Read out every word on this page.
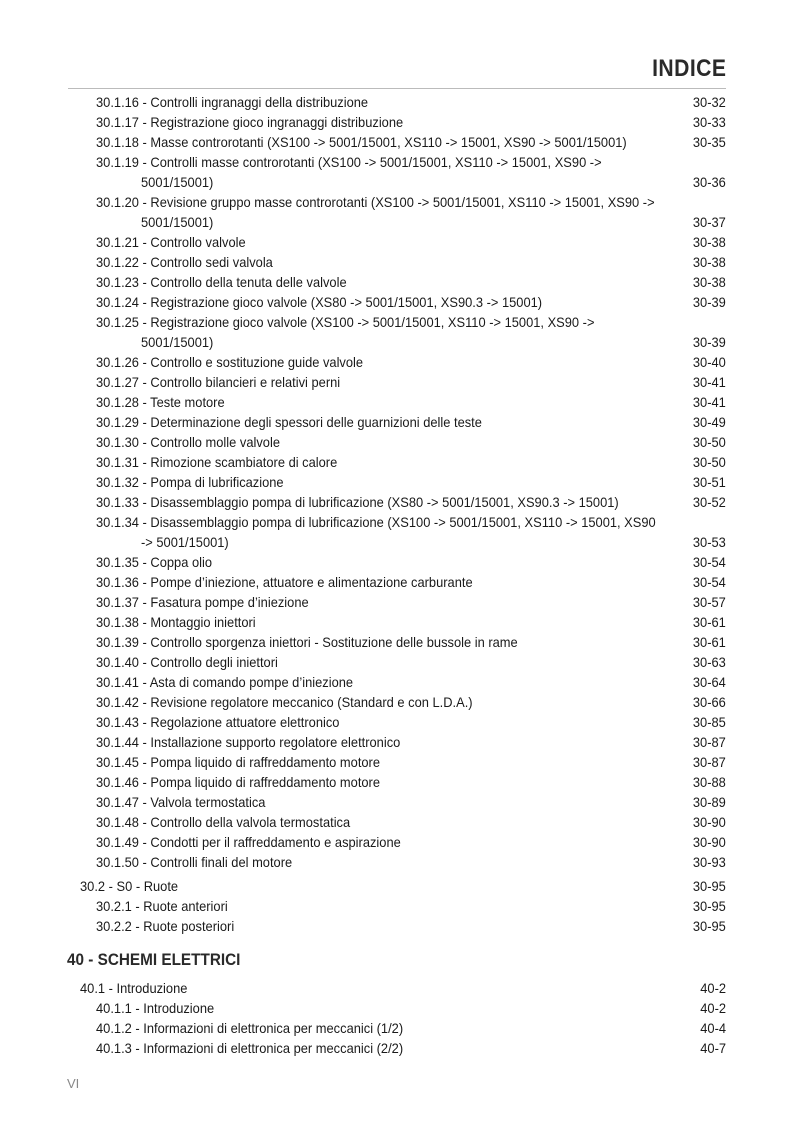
INDICE
30.1.16 - Controlli ingranaggi della distribuzione	30-32
30.1.17 - Registrazione gioco ingranaggi distribuzione	30-33
30.1.18 - Masse controrotanti (XS100 -> 5001/15001, XS110 -> 15001, XS90 -> 5001/15001)	30-35
30.1.19 - Controlli masse controrotanti (XS100 -> 5001/15001, XS110 -> 15001, XS90 ->
5001/15001)	30-36
30.1.20 - Revisione gruppo masse controrotanti (XS100 -> 5001/15001, XS110 -> 15001, XS90 ->
5001/15001)	30-37
30.1.21 - Controllo valvole	30-38
30.1.22 - Controllo sedi valvola	30-38
30.1.23 - Controllo della tenuta delle valvole	30-38
30.1.24 - Registrazione gioco valvole (XS80 -> 5001/15001, XS90.3 -> 15001)	30-39
30.1.25 - Registrazione gioco valvole (XS100 -> 5001/15001, XS110 -> 15001, XS90 ->
5001/15001)	30-39
30.1.26 - Controllo e sostituzione guide valvole	30-40
30.1.27 - Controllo bilancieri e relativi perni	30-41
30.1.28 - Teste motore	30-41
30.1.29 - Determinazione degli spessori delle guarnizioni delle teste	30-49
30.1.30 - Controllo molle valvole	30-50
30.1.31 - Rimozione scambiatore di calore	30-50
30.1.32 - Pompa di lubrificazione	30-51
30.1.33 - Disassemblaggio pompa di lubrificazione (XS80 -> 5001/15001, XS90.3 -> 15001)	30-52
30.1.34 - Disassemblaggio pompa di lubrificazione (XS100 -> 5001/15001, XS110 -> 15001, XS90
-> 5001/15001)	30-53
30.1.35 - Coppa olio	30-54
30.1.36 - Pompe d’iniezione, attuatore e alimentazione carburante	30-54
30.1.37 - Fasatura pompe d’iniezione	30-57
30.1.38 - Montaggio iniettori	30-61
30.1.39 - Controllo sporgenza iniettori - Sostituzione delle bussole in rame	30-61
30.1.40 - Controllo degli iniettori	30-63
30.1.41 - Asta di comando pompe d’iniezione	30-64
30.1.42 - Revisione regolatore meccanico (Standard e con L.D.A.)	30-66
30.1.43 - Regolazione attuatore elettronico	30-85
30.1.44 - Installazione supporto regolatore elettronico	30-87
30.1.45 - Pompa liquido di raffreddamento motore	30-87
30.1.46 - Pompa liquido di raffreddamento motore	30-88
30.1.47 - Valvola termostatica	30-89
30.1.48 - Controllo della valvola termostatica	30-90
30.1.49 - Condotti per il raffreddamento e aspirazione	30-90
30.1.50 - Controlli finali del motore	30-93
30.2 - S0 - Ruote	30-95
30.2.1 - Ruote anteriori	30-95
30.2.2 - Ruote posteriori	30-95
40 - SCHEMI ELETTRICI
40.1 - Introduzione	40-2
40.1.1 - Introduzione	40-2
40.1.2 - Informazioni di elettronica per meccanici (1/2)	40-4
40.1.3 - Informazioni di elettronica per meccanici (2/2)	40-7
VI
